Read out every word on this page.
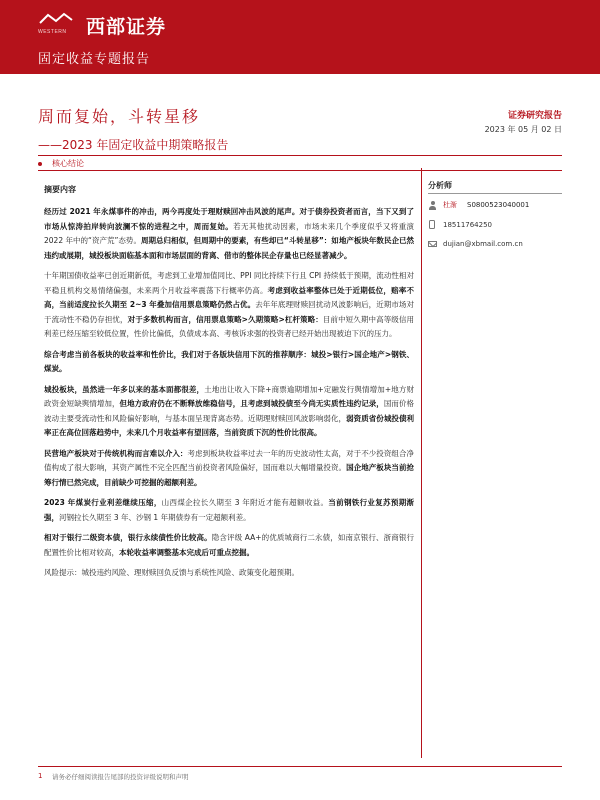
WESTERN	西部证券
固定收益专题报告
周而复始，斗转星移
——2023 年固定收益中期策略报告
证券研究报告
2023 年 05 月 02 日
核心结论
摘要内容

经历过 2021 年永煤事件的冲击，两今再度处于理财赎回冲击风波的尾声。对于债券投资者而言，当下又到了市场从惊涛拍岸转向波澜不惊的进程之中，周而复始。若无其他扰动因素，市场未来几个季度似乎又将重演 2022 年中的“资产荒”态势。周期总归相似，但周期中的要素，有些却已“斗转星移”：如地产板块年数民企已然违约或展期，城投板块面临基本面和市场层面的背离、借市的整体民企存量也已经显著减少。

十年期国债收益率已创近期新低，考虑到工业增加值同比、PPI 同比持续下行且 CPI 持续低于预期，流动性相对平稳且机构交易情绪偏强，未来两个月收益率震荡下行概率仍高。考虑到收益率整体已处于近期低位，赔率不高，当前适度拉长久期至 2~3 年叠加信用票息策略仍然占优。去年年底理财赎回扰动风波影响后，近期市场对于流动性不稳仍存担忧，对于多数机构而言，信用票息策略>久期策略>杠杆策略：目前中短久期中高等级信用利差已经压缩至较低位置，性价比偏低，负债成本高、考核诉求强的投资者已经开始出现被迫下沉的压力。

综合考虑当前各板块的收益率和性价比，我们对于各版块信用下沉的推荐顺序：城投>银行>国企地产>钢铁、煤炭。

城投板块，虽然进一年多以来的基本面都很差，土地出让收入下降+商票逾期增加+定融发行舆情增加+地方财政资金短缺舆情增加，但地方政府仍在不断释放维稳信号，且考虑到城投债至今尚无实质性违约记录，国而价格波动主要受流动性和风险偏好影响，与基本面呈现背离态势。近期理财赎回风波影响弱化，弱资质省份城投债利率正在高位回落趋势中，未来几个月收益率有望回落，当前资质下沉的性价比很高。

民营地产板块对于传统机构而言难以介入：考虑到板块收益率过去一年的历史波动性太高，对于不少投资组合净值构成了很大影响，其资产属性不完全匹配当前投资者风险偏好，国而难以大幅增量投资。国企地产板块当前抢筹行情已然完成，目前缺少可挖掘的超额利差。

2023 年煤炭行业利差继续压缩，山西煤企拉长久期至 3 年附近才能有超额收益。当前钢铁行业复苏预期渐强，河钢拉长久期至 3 年、沙钢 1 年期债券有一定超额利差。

相对于银行二级资本债，银行永续债性价比较高。隐含评级 AA+的优质城商行二永债，如南京银行、浙商银行配置性价比相对较高，本轮收益率调整基本完成后可重点挖掘。

风险提示：城投违约风险、理财赎回负反馈与系统性风险、政策变化超预期。

分析师
杜渐 S0800523040001
18511764250
dujian@xbmail.com.cn
1 请务必仔细阅读报告尾部的投资评级说明和声明
